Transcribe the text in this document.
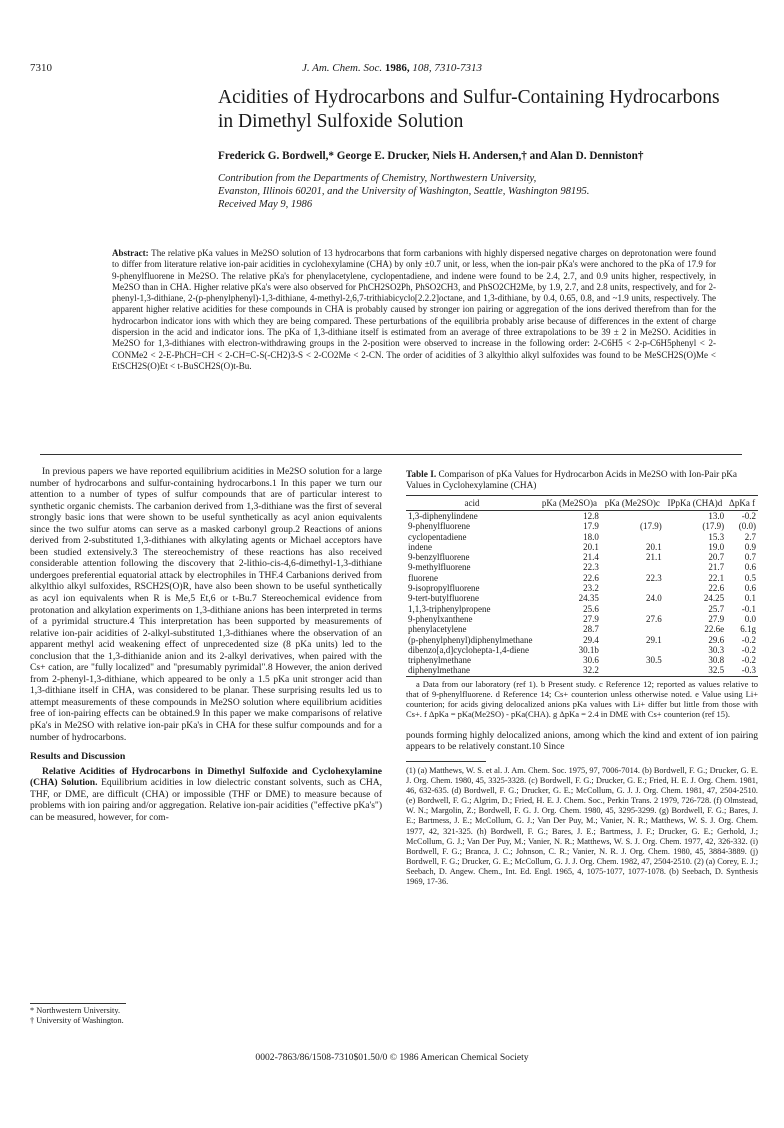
7310	J. Am. Chem. Soc. 1986, 108, 7310-7313
Acidities of Hydrocarbons and Sulfur-Containing Hydrocarbons in Dimethyl Sulfoxide Solution
Frederick G. Bordwell,* George E. Drucker, Niels H. Andersen,† and Alan D. Denniston†
Contribution from the Departments of Chemistry, Northwestern University,
Evanston, Illinois 60201, and the University of Washington, Seattle, Washington 98195.
Received May 9, 1986
Abstract: The relative pKa values in Me2SO solution of 13 hydrocarbons that form carbanions with highly dispersed negative charges on deprotonation were found to differ from literature relative ion-pair acidities in cyclohexylamine (CHA) by only ±0.7 unit, or less, when the ion-pair pKa's were anchored to the pKa of 17.9 for 9-phenylfluorene in Me2SO. The relative pKa's for phenylacetylene, cyclopentadiene, and indene were found to be 2.4, 2.7, and 0.9 units higher, respectively, in Me2SO than in CHA. Higher relative pKa's were also observed for PhCH2SO2Ph, PhSO2CH3, and PhSO2CH2Me, by 1.9, 2.7, and 2.8 units, respectively, and for 2-phenyl-1,3-dithiane, 2-(p-phenylphenyl)-1,3-dithiane, 4-methyl-2,6,7-trithiabicyclo[2.2.2]octane, and 1,3-dithiane, by 0.4, 0.65, 0.8, and ~1.9 units, respectively. The apparent higher relative acidities for these compounds in CHA is probably caused by stronger ion pairing or aggregation of the ions derived therefrom than for the hydrocarbon indicator ions with which they are being compared. These perturbations of the equilibria probably arise because of differences in the extent of charge dispersion in the acid and indicator ions. The pKa of 1,3-dithiane itself is estimated from an average of three extrapolations to be 39 ± 2 in Me2SO. Acidities in Me2SO for 1,3-dithianes with electron-withdrawing groups in the 2-position were observed to increase in the following order: 2-C6H5 < 2-p-C6H5phenyl < 2-CONMe2 < 2-E-PhCH=CH < 2-CH=C-S(-CH2)3-S < 2-CO2Me < 2-CN. The order of acidities of 3 alkylthio alkyl sulfoxides was found to be MeSCH2S(O)Me < EtSCH2S(O)Et < t-BuSCH2S(O)t-Bu.

In previous papers we have reported equilibrium acidities in Me2SO solution for a large number of hydrocarbons and sulfur-containing hydrocarbons.1 In this paper we turn our attention to a number of types of sulfur compounds that are of particular interest to synthetic organic chemists. The carbanion derived from 1,3-dithiane was the first of several strongly basic ions that were shown to be useful synthetically as acyl anion equivalents since the two sulfur atoms can serve as a masked carbonyl group.2 Reactions of anions derived from 2-substituted 1,3-dithianes with alkylating agents or Michael acceptors have been studied extensively.3 The stereochemistry of these reactions has also received considerable attention following the discovery that 2-lithio-cis-4,6-dimethyl-1,3-dithiane undergoes preferential equatorial attack by electrophiles in THF.4 Carbanions derived from alkylthio alkyl sulfoxides, RSCH2S(O)R, have also been shown to be useful synthetically as acyl ion equivalents when R is Me,5 Et,6 or t-Bu.7 Stereochemical evidence from protonation and alkylation experiments on 1,3-dithiane anions has been interpreted in terms of a pyrimidal structure.4 This interpretation has been supported by measurements of relative ion-pair acidities of 2-alkyl-substituted 1,3-dithianes where the observation of an apparent methyl acid weakening effect of unprecedented size (8 pKa units) led to the conclusion that the 1,3-dithianide anion and its 2-alkyl derivatives, when paired with the Cs+ cation, are "fully localized" and "presumably pyrimidal".8 However, the anion derived from 2-phenyl-1,3-dithiane, which appeared to be only a 1.5 pKa unit stronger acid than 1,3-dithiane itself in CHA, was considered to be planar. These surprising results led us to attempt measurements of these compounds in Me2SO solution where equilibrium acidities free of ion-pairing effects can be obtained.9 In this paper we make comparisons of relative pKa's in Me2SO with relative ion-pair pKa's in CHA for these sulfur compounds and for a number of hydrocarbons.

Results and Discussion

Relative Acidities of Hydrocarbons in Dimethyl Sulfoxide and Cyclohexylamine (CHA) Solution. Equilibrium acidities in low dielectric constant solvents, such as CHA, THF, or DME, are difficult (CHA) or impossible (THF or DME) to measure because of problems with ion pairing and/or aggregation. Relative ion-pair acidities ("effective pKa's") can be measured, however, for com-

* Northwestern University.
† University of Washington.
Table I. Comparison of pKa Values for Hydrocarbon Acids in Me2SO with Ion-Pair pKa Values in Cyclohexylamine (CHA)
acid	pKa (Me2SO)a	pKa (Me2SO)c	IPpKa (CHA)d	ΔpKa f
1,3-diphenylindene	12.8		13.0	-0.2
9-phenylfluorene	17.9	(17.9)	(17.9)	(0.0)
cyclopentadiene	18.0		15.3	2.7
indene	20.1	20.1	19.0	0.9
9-benzylfluorene	21.4	21.1	20.7	0.7
9-methylfluorene	22.3		21.7	0.6
fluorene	22.6	22.3	22.1	0.5
9-isopropylfluorene	23.2		22.6	0.6
9-tert-butylfluorene	24.35	24.0	24.25	0.1
1,1,3-triphenylpropene	25.6		25.7	-0.1
9-phenylxanthene	27.9	27.6	27.9	0.0
phenylacetylene	28.7		22.6e	6.1g
(p-phenylphenyl)diphenylmethane	29.4	29.1	29.6	-0.2
dibenzo[a,d]cyclohepta-1,4-diene	30.1b		30.3	-0.2
triphenylmethane	30.6	30.5	30.8	-0.2
diphenylmethane	32.2		32.5	-0.3
a Data from our laboratory (ref 1). b Present study. c Reference 12; reported as values relative to that of 9-phenylfluorene. d Reference 14; Cs+ counterion unless otherwise noted. e Value using Li+ counterion; for acids giving delocalized anions pKa values with Li+ differ but little from those with Cs+. f ΔpKa = pKa(Me2SO) - pKa(CHA). g ΔpKa = 2.4 in DME with Cs+ counterion (ref 15).
pounds forming highly delocalized anions, among which the kind and extent of ion pairing appears to be relatively constant.10 Since
(1) (a) Matthews, W. S. et al. J. Am. Chem. Soc. 1975, 97, 7006-7014. (b) Bordwell, F. G.; Drucker, G. E. J. Org. Chem. 1980, 45, 3325-3328. (c) Bordwell, F. G.; Drucker, G. E.; Fried, H. E. J. Org. Chem. 1981, 46, 632-635. (d) Bordwell, F. G.; Drucker, G. E.; McCollum, G. J. J. Org. Chem. 1981, 47, 2504-2510. (e) Bordwell, F. G.; Algrim, D.; Fried, H. E. J. Chem. Soc., Perkin Trans. 2 1979, 726-728. (f) Olmstead, W. N.; Margolin, Z.; Bordwell, F. G. J. Org. Chem. 1980, 45, 3295-3299. (g) Bordwell, F. G.; Bares, J. E.; Bartmess, J. E.; McCollum, G. J.; Van Der Puy, M.; Vanier, N. R.; Matthews, W. S. J. Org. Chem. 1977, 42, 321-325. (h) Bordwell, F. G.; Bares, J. E.; Bartmess, J. F.; Drucker, G. E.; Gerhold, J.; McCollum, G. J.; Van Der Puy, M.; Vanier, N. R.; Matthews, W. S. J. Org. Chem. 1977, 42, 326-332. (i) Bordwell, F. G.; Branca, J. C.; Johnson, C. R.; Vanier, N. R. J. Org. Chem. 1980, 45, 3884-3889. (j) Bordwell, F. G.; Drucker, G. E.; McCollum, G. J. J. Org. Chem. 1982, 47, 2504-2510. (2) (a) Corey, E. J.; Seebach, D. Angew. Chem., Int. Ed. Engl. 1965, 4, 1075-1077, 1077-1078. (b) Seebach, D. Synthesis 1969, 17-36.
0002-7863/86/1508-7310$01.50/0 © 1986 American Chemical Society
